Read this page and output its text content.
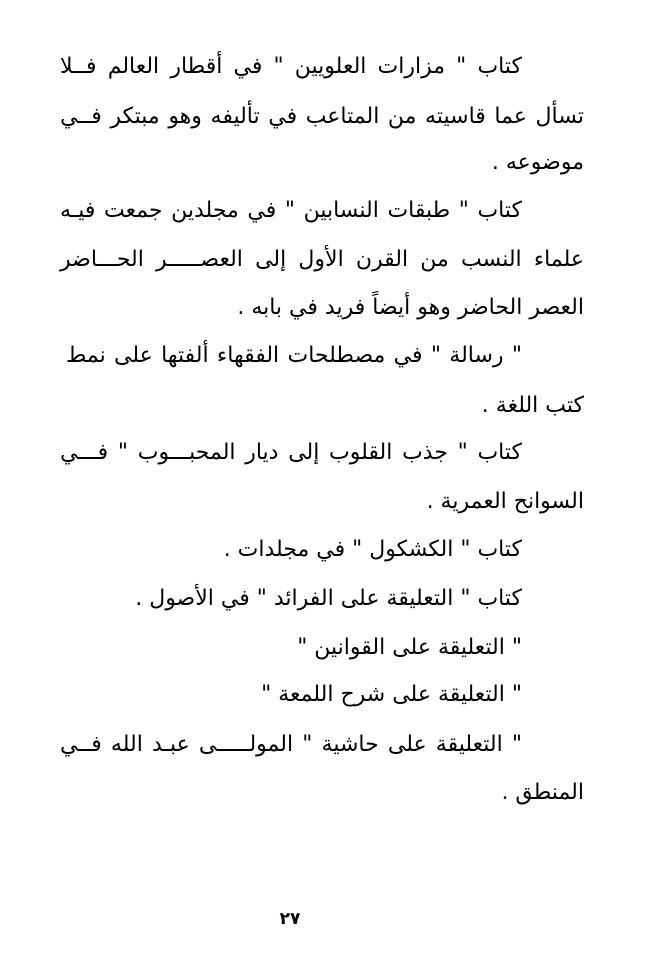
كتاب " مزارات العلويين " في أقطار العالم فــلا
تسأل عما قاسيته من المتاعب في تأليفه وهو مبتكر فــي
موضوعه .
كتاب " طبقات النسابين " في مجلدين جمعت فيـه
علماء النسب من القرن الأول إلى العصـــــر الحـــاضر
العصر الحاضر وهو أيضاً فريد في بابه .
" رسالة " في مصطلحات الفقهاء ألفتها على نمط
كتب اللغة .
كتاب " جذب القلوب إلى ديار المحبـــوب " فـــي
السوانح العمرية .
كتاب " الكشكول " في مجلدات .
كتاب " التعليقة على الفرائد " في الأصول .
" التعليقة على القوانين "
" التعليقة على شرح اللمعة "
" التعليقة على حاشية " المولـــــى عبـد الله فــي
المنطق .
٢٧
